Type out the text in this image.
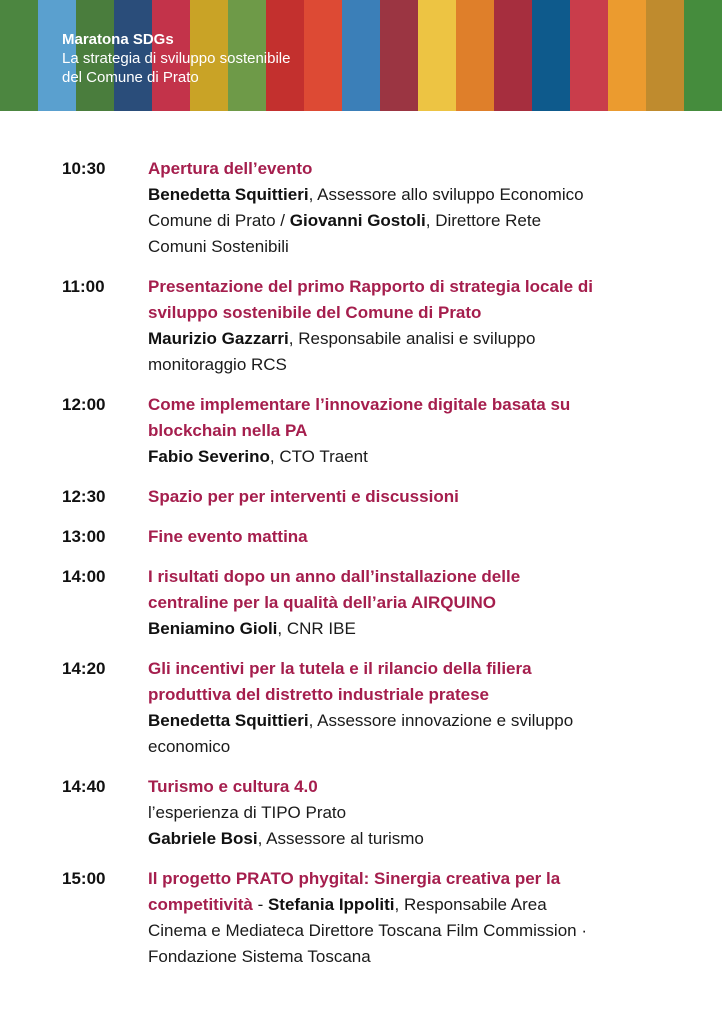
Maratona SDGs
La strategia di sviluppo sostenibile
del Comune di Prato
10:30	Apertura dell’evento
Benedetta Squittieri, Assessore allo sviluppo Economico
Comune di Prato / Giovanni Gostoli, Direttore Rete
Comuni Sostenibili
11:00	Presentazione del primo Rapporto di strategia locale di
sviluppo sostenibile del Comune di Prato
Maurizio Gazzarri, Responsabile analisi e sviluppo
monitoraggio RCS
12:00	Come implementare l’innovazione digitale basata su
blockchain nella PA
Fabio Severino, CTO Traent
12:30	Spazio per per interventi e discussioni
13:00	Fine evento mattina
14:00	I risultati dopo un anno dall’installazione delle
centraline per la qualità dell’aria AIRQUINO
Beniamino Gioli, CNR IBE
14:20	Gli incentivi per la tutela e il rilancio della filiera
produttiva del distretto industriale pratese
Benedetta Squittieri, Assessore innovazione e sviluppo
economico
14:40	Turismo e cultura 4.0
l’esperienza di TIPO Prato
Gabriele Bosi, Assessore al turismo
15:00	Il progetto PRATO phygital: Sinergia creativa per la
competitività - Stefania Ippoliti, Responsabile Area
Cinema e Mediateca Direttore Toscana Film Commission ·
Fondazione Sistema Toscana
